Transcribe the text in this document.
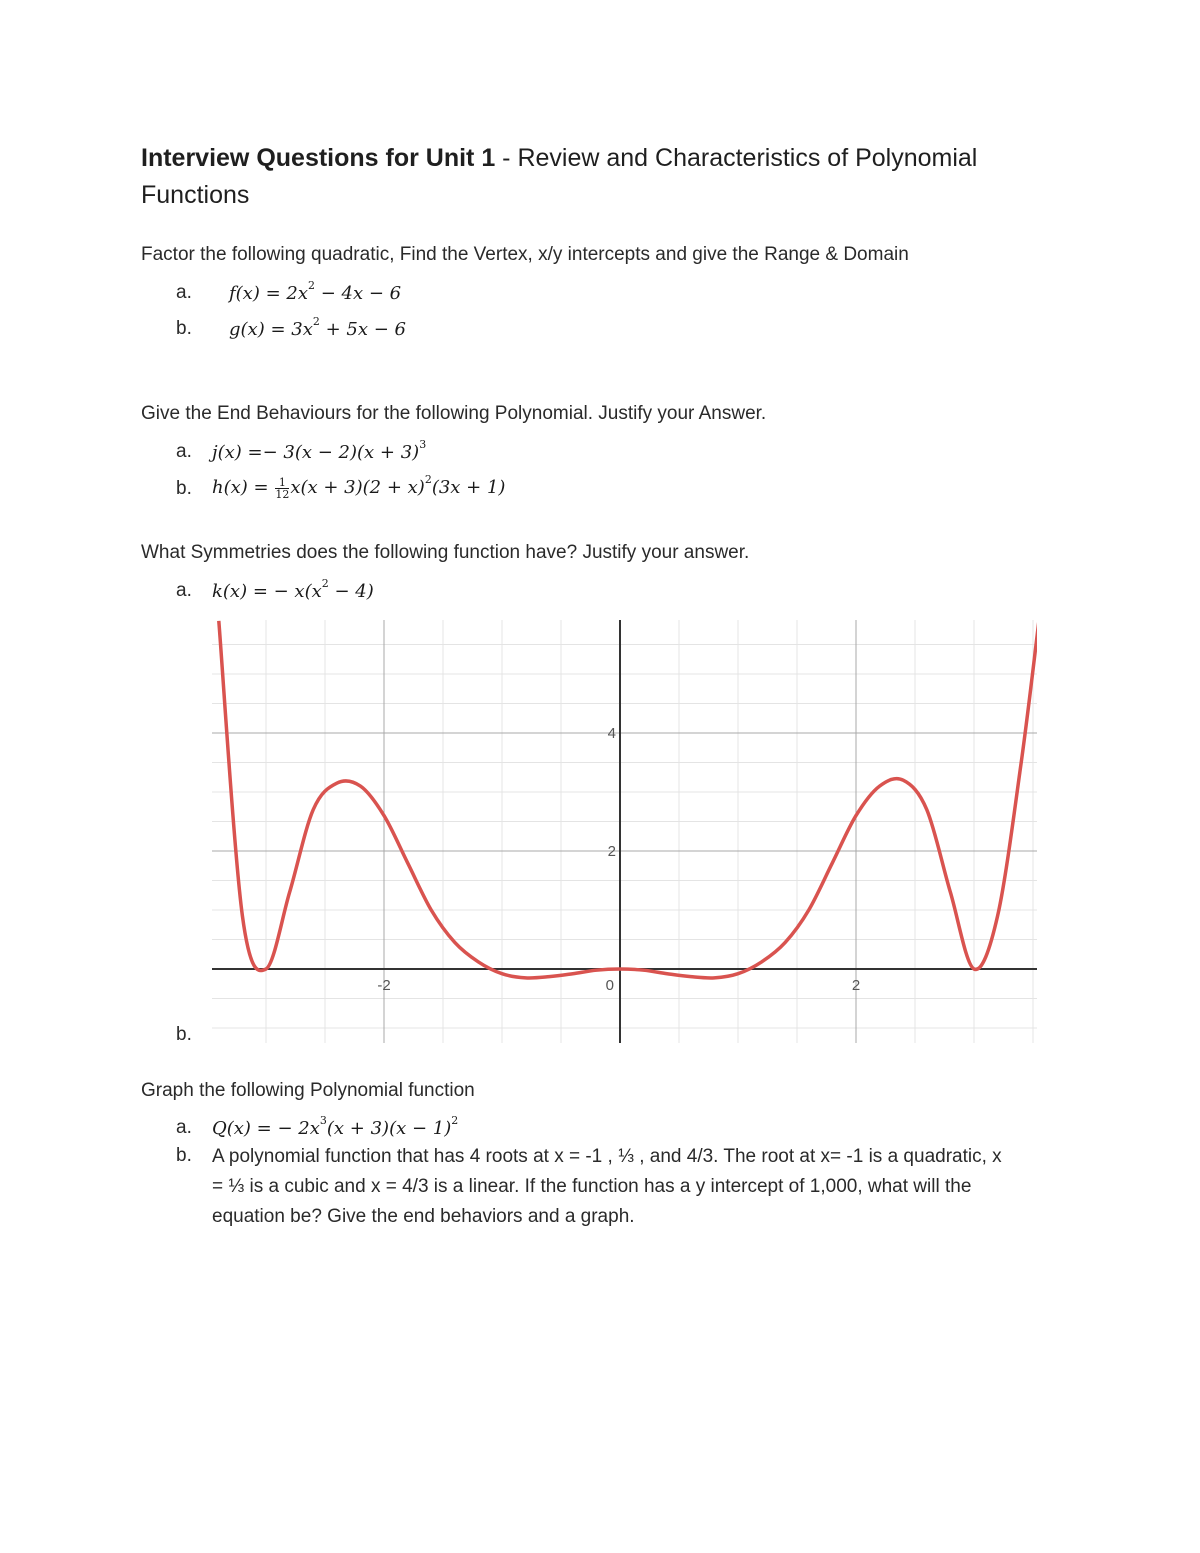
Interview Questions for Unit 1 - Review and Characteristics of Polynomial Functions
Factor the following quadratic, Find the Vertex, x/y intercepts and give the Range & Domain
a. $f(x) = 2x^2 - 4x - 6$
b. $g(x) = 3x^2 + 5x - 6$
Give the End Behaviours for the following Polynomial. Justify your Answer.
a. $j(x) =- 3(x - 2)(x + 3)^3$
b. $h(x) = \frac{1}{12} x(x + 3)(2 + x)^2(3x + 1)$
What Symmetries does the following function have? Justify your answer.
a. k(x) = − $x(x^2 - 4)$
-2	0	2
2
4
b.
Graph the following Polynomial function
a. Q(x) = − $2x^3(x + 3)(x - 1)^2$
b. A polynomial function that has 4 roots at x = -1 , ⅓ , and 4/3. The root at x= -1 is a quadratic, x = ⅓ is a cubic and x = 4/3 is a linear. If the function has a y intercept of 1,000, what will the equation be? Give the end behaviors and a graph.
